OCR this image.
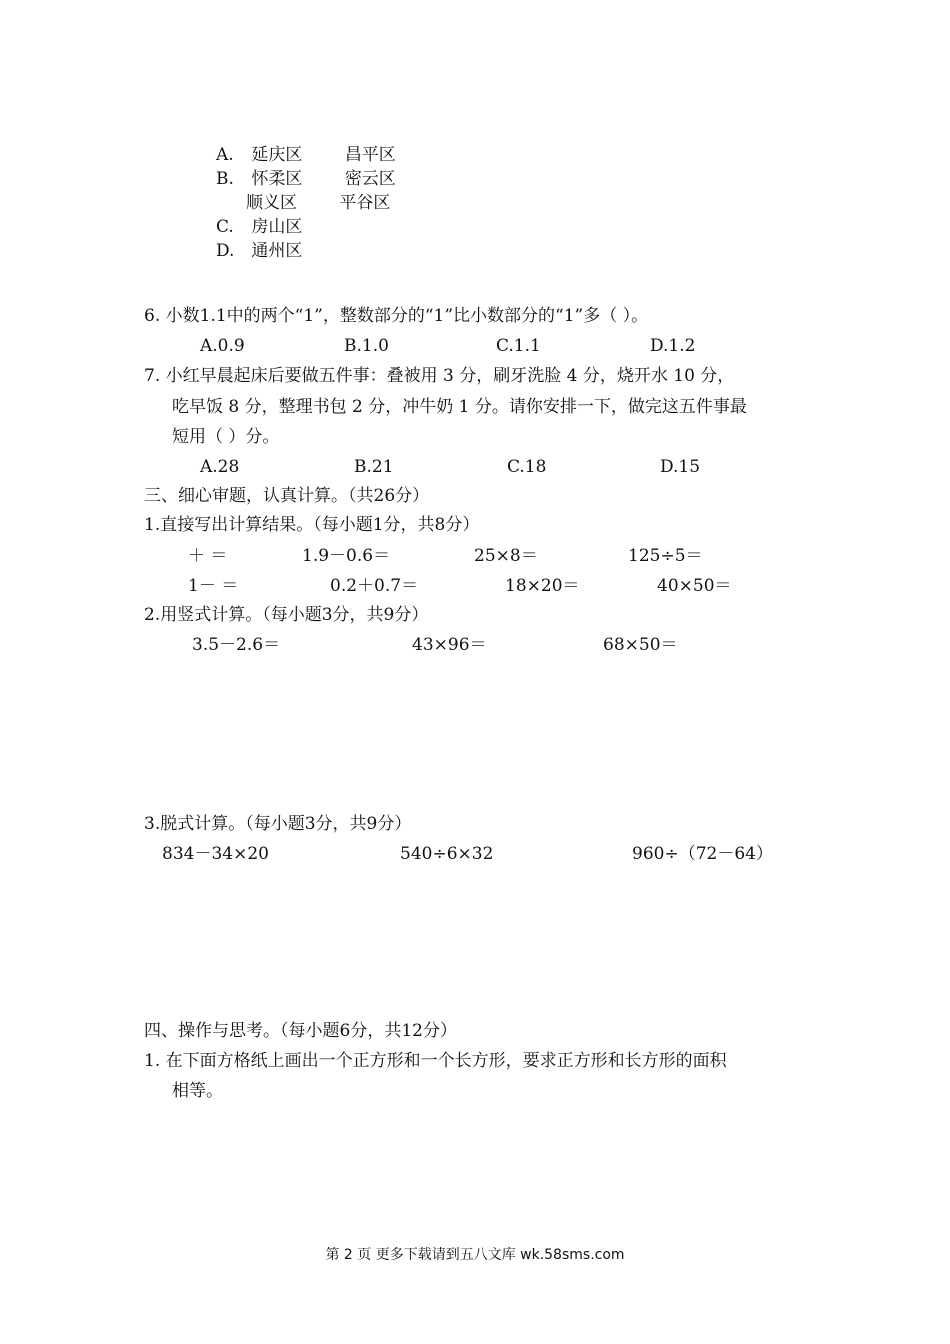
A. 延庆区 昌平区
B. 怀柔区 密云区
顺义区 平谷区
C. 房山区
D. 通州区
6. 小数1.1中的两个“1”，整数部分的“1”比小数部分的“1”多（ ）。
A.0.9	B.1.0	C.1.1	D.1.2
7. 小红早晨起床后要做五件事：叠被用 3 分，刷牙洗脸 4 分，烧开水 10 分，
吃早饭 8 分，整理书包 2 分，冲牛奶 1 分。请你安排一下，做完这五件事最
短用（ ）分。
A.28	B.21	C.18	D.15
三、细心审题，认真计算。（共26分）
1.直接写出计算结果。（每小题1分，共8分）
＋ ＝	1.9－0.6＝	25×8＝	125÷5＝
1－ ＝	0.2＋0.7＝	18×20＝	40×50＝
2.用竖式计算。（每小题3分，共9分）
3.5－2.6＝	43×96＝	68×50＝
3.脱式计算。（每小题3分，共9分）
834－34×20	540÷6×32	960÷（72－64）
四、操作与思考。（每小题6分，共12分）
1. 在下面方格纸上画出一个正方形和一个长方形，要求正方形和长方形的面积
相等。
第 2 页 更多下载请到五八文库 wk.58sms.com
